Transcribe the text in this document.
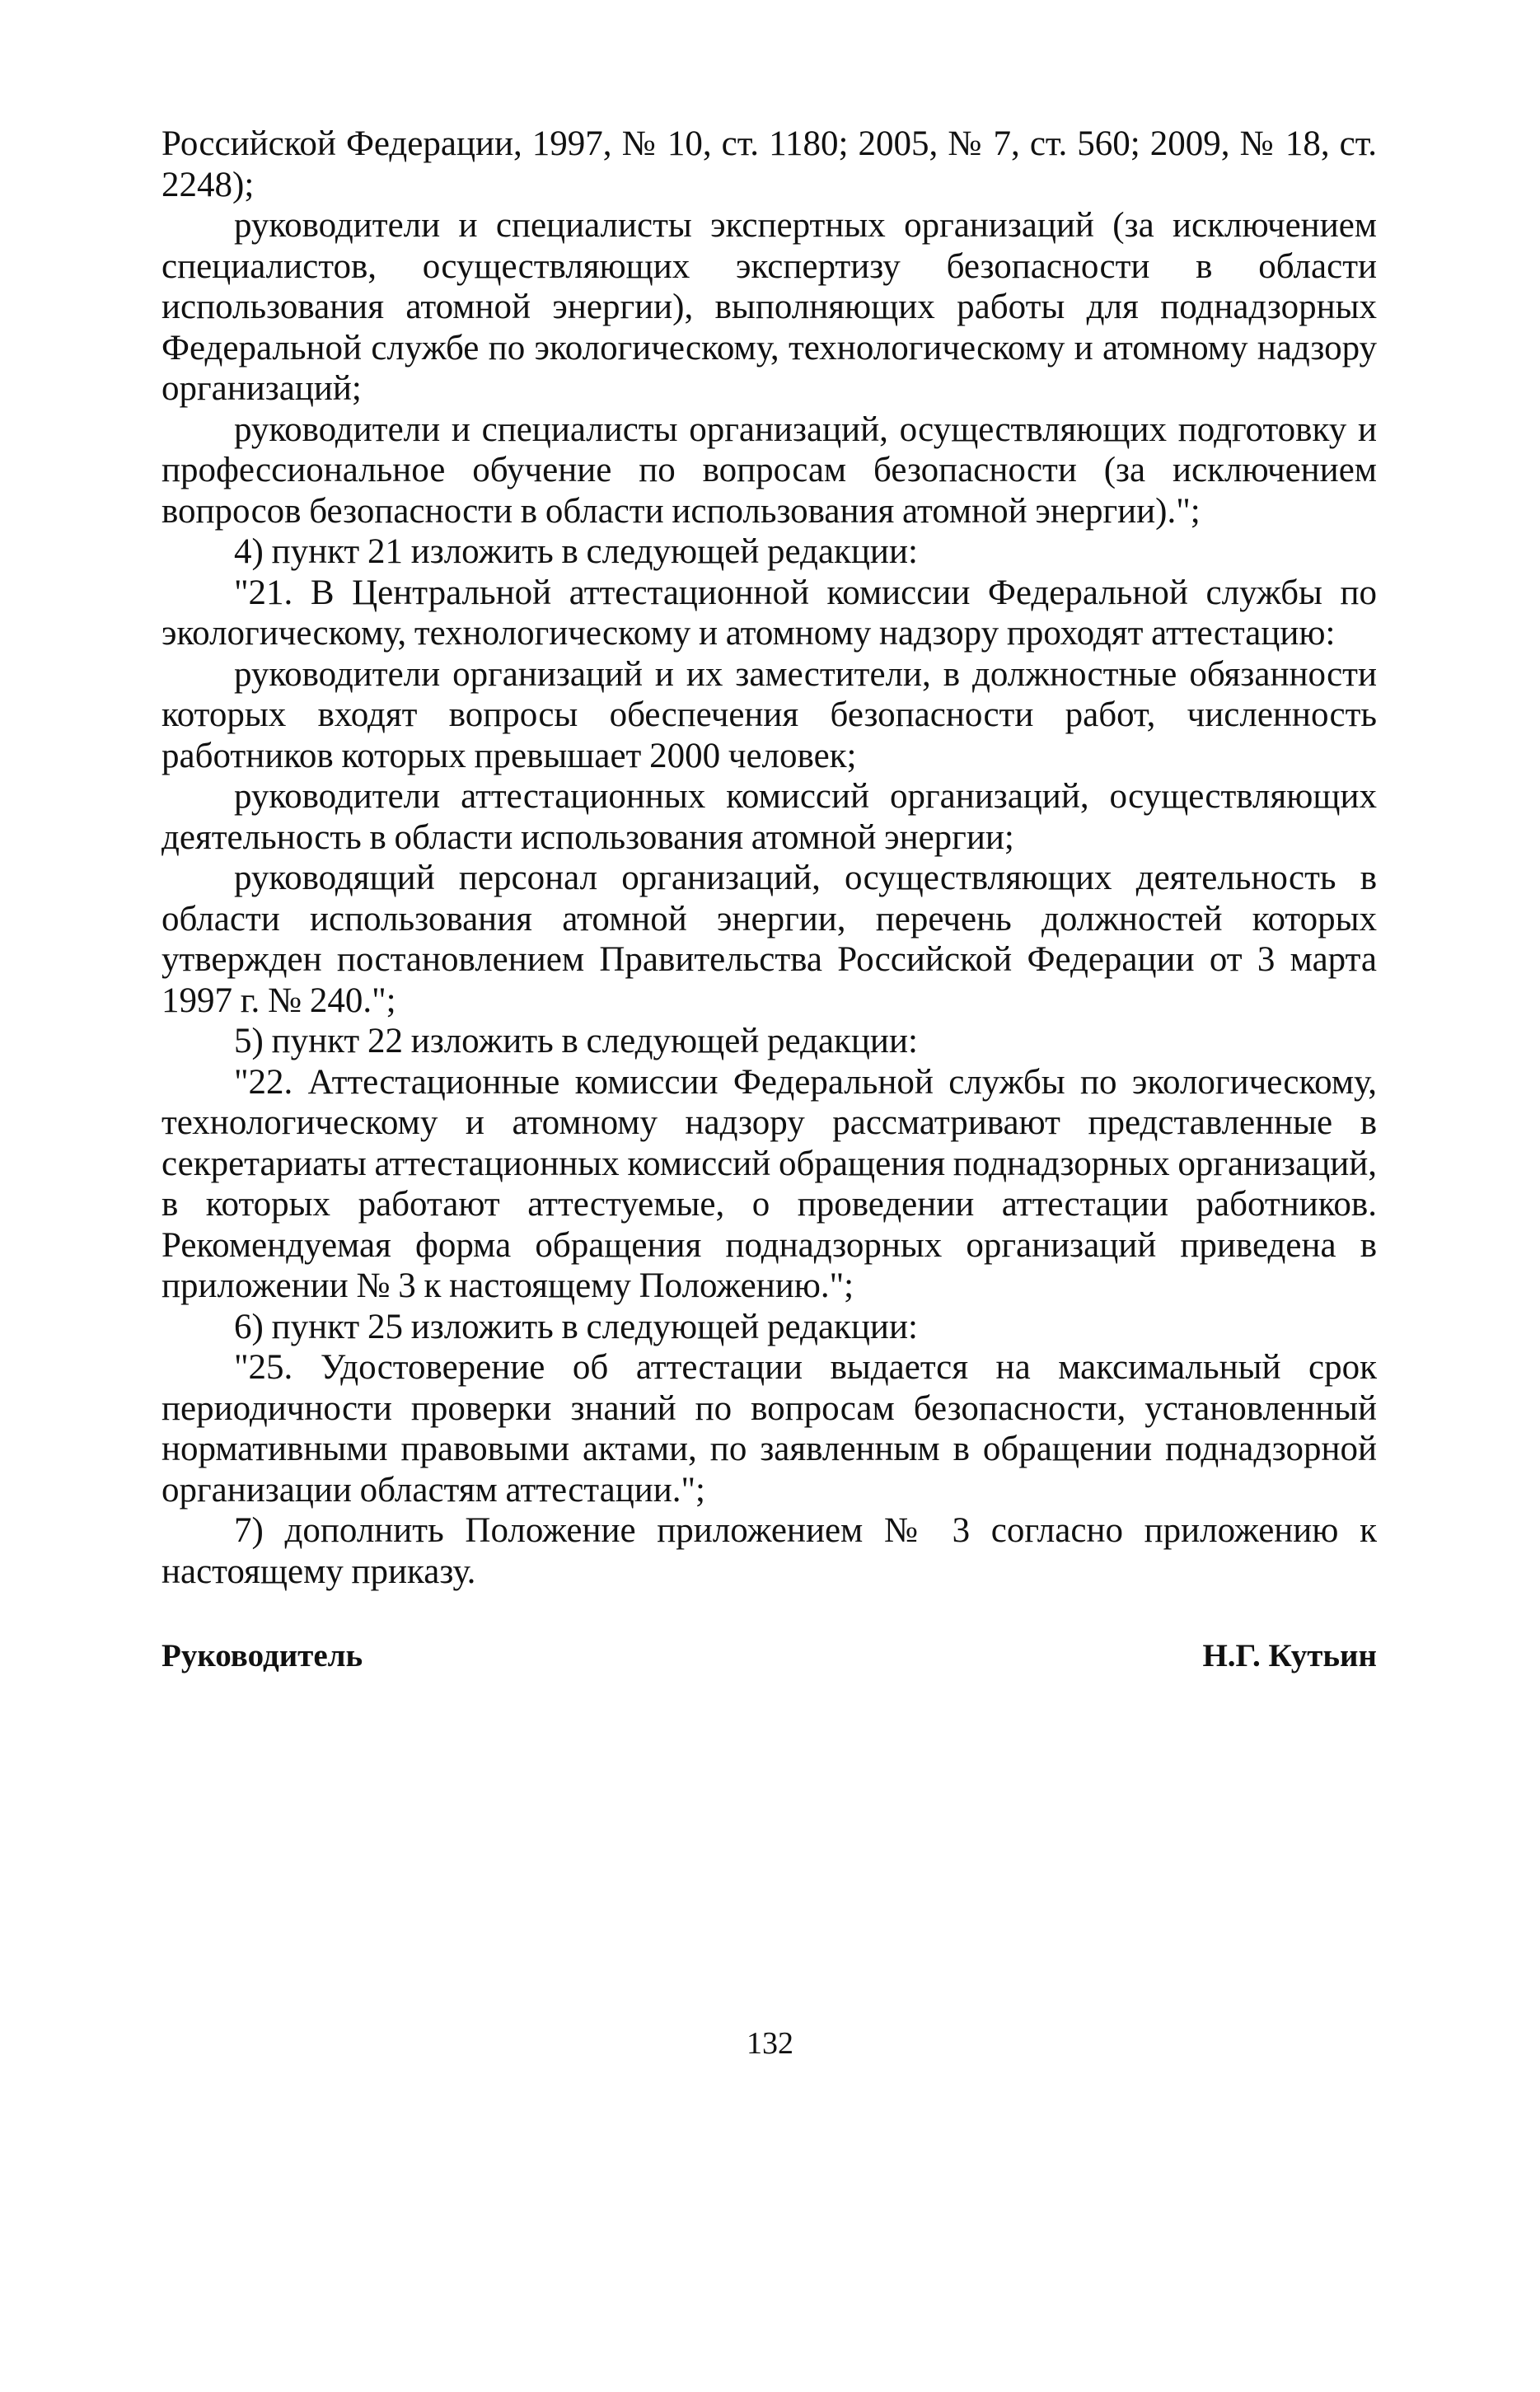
Российской Федерации, 1997, № 10, ст. 1180; 2005, № 7, ст. 560; 2009, № 18, ст. 2248);

руководители и специалисты экспертных организаций (за исключением специалистов, осуществляющих экспертизу безопасности в области использования атомной энергии), выполняющих работы для поднадзорных Федеральной службе по экологическому, технологическому и атомному надзору организаций;

руководители и специалисты организаций, осуществляющих подготовку и профессиональное обучение по вопросам безопасности (за исключением вопросов безопасности в области использования атомной энергии).";

4) пункт 21 изложить в следующей редакции:

"21. В Центральной аттестационной комиссии Федеральной службы по экологическому, технологическому и атомному надзору проходят аттестацию:

руководители организаций и их заместители, в должностные обязанности которых входят вопросы обеспечения безопасности работ, численность работников которых превышает 2000 человек;

руководители аттестационных комиссий организаций, осуществляющих деятельность в области использования атомной энергии;

руководящий персонал организаций, осуществляющих деятельность в области использования атомной энергии, перечень должностей которых утвержден постановлением Правительства Российской Федерации от 3 марта 1997 г. № 240.";

5) пункт 22 изложить в следующей редакции:

"22. Аттестационные комиссии Федеральной службы по экологическому, технологическому и атомному надзору рассматривают представленные в секретариаты аттестационных комиссий обращения поднадзорных организаций, в которых работают аттестуемые, о проведении аттестации работников. Рекомендуемая форма обращения поднадзорных организаций приведена в приложении № 3 к настоящему Положению.";

6) пункт 25 изложить в следующей редакции:

"25. Удостоверение об аттестации выдается на максимальный срок периодичности проверки знаний по вопросам безопасности, установленный нормативными правовыми актами, по заявленным в обращении поднадзорной организации областям аттестации.";

7) дополнить Положение приложением № 3 согласно приложению к настоящему приказу.

Руководитель	Н.Г. Кутьин
132
